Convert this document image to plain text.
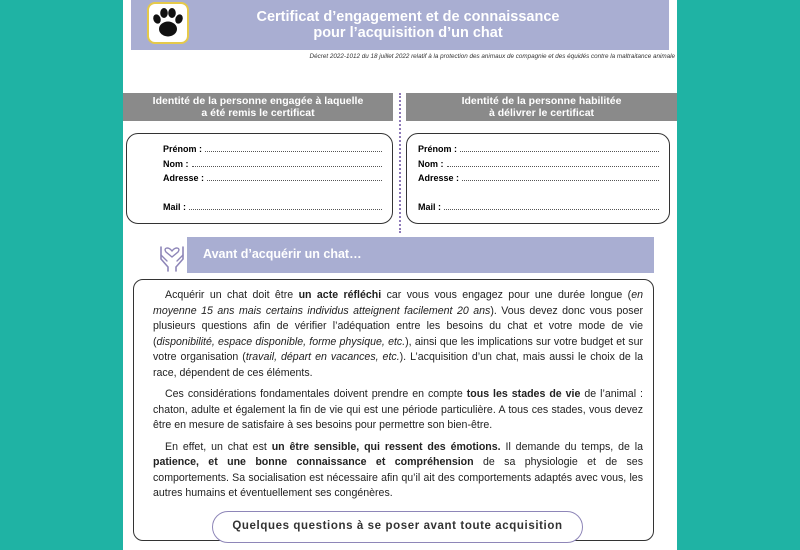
Certificat d’engagement et de connaissance
pour l’acquisition d’un chat
Décret 2022-1012 du 18 juillet 2022 relatif à la protection des animaux de compagnie et des équidés contre la maltraitance animale
Identité de la personne engagée à laquelle
a été remis le certificat
Identité de la personne habilitée
à délivrer le certificat
Prénom :
Nom :
Adresse :
Mail :
Prénom :
Nom :
Adresse :
Mail :
Avant d’acquérir un chat…

Acquérir un chat doit être un acte réfléchi car vous vous engagez pour une durée longue (en moyenne 15 ans mais certains individus atteignent facilement 20 ans). Vous devez donc vous poser plusieurs questions afin de vérifier l’adéquation entre les besoins du chat et votre mode de vie (disponibilité, espace disponible, forme physique, etc.), ainsi que les implications sur votre budget et sur votre organisation (travail, départ en vacances, etc.). L’acquisition d’un chat, mais aussi le choix de la race, dépendent de ces éléments.

Ces considérations fondamentales doivent prendre en compte tous les stades de vie de l’animal : chaton, adulte et également la fin de vie qui est une période particulière. A tous ces stades, vous devez être en mesure de satisfaire à ses besoins pour permettre son bien-être.

En effet, un chat est un être sensible, qui ressent des émotions. Il demande du temps, de la patience, et une bonne connaissance et compréhension de sa physiologie et de ses comportements. Sa socialisation est nécessaire afin qu’il ait des comportements adaptés avec vous, les autres humains et éventuellement ses congénères.

Quelques questions à se poser avant toute acquisition
